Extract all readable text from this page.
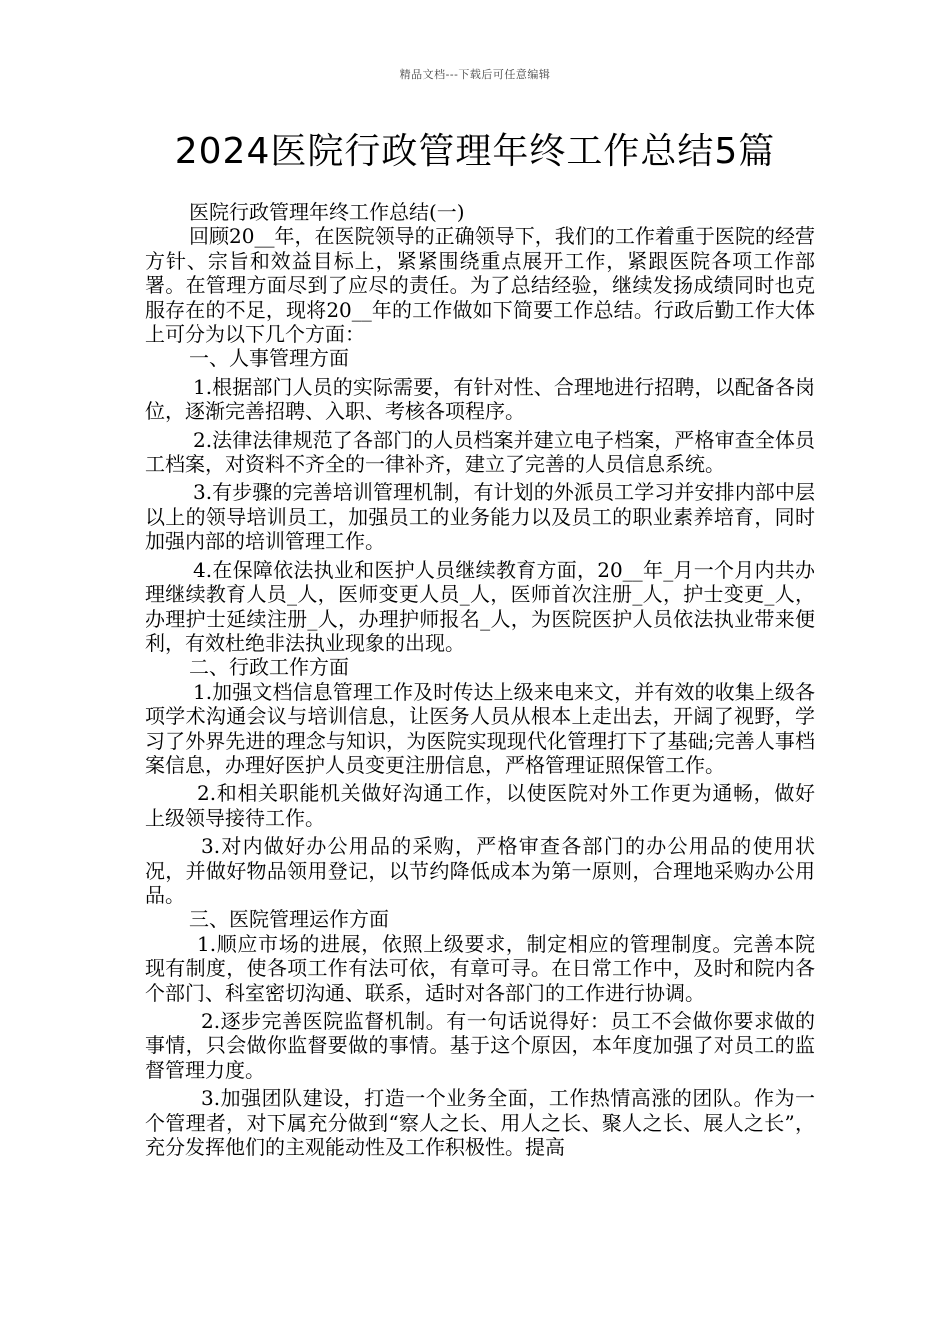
精品文档---下载后可任意编辑
2024医院行政管理年终工作总结5篇

医院行政管理年终工作总结(一)

回顾20__年，在医院领导的正确领导下，我们的工作着重于医院的经营方针、宗旨和效益目标上，紧紧围绕重点展开工作，紧跟医院各项工作部署。在管理方面尽到了应尽的责任。为了总结经验，继续发扬成绩同时也克服存在的不足，现将20__年的工作做如下简要工作总结。行政后勤工作大体上可分为以下几个方面：

一、人事管理方面

1.根据部门人员的实际需要，有针对性、合理地进行招聘，以配备各岗位，逐渐完善招聘、入职、考核各项程序。

2.法律法律规范了各部门的人员档案并建立电子档案，严格审查全体员工档案，对资料不齐全的一律补齐，建立了完善的人员信息系统。

3.有步骤的完善培训管理机制，有计划的外派员工学习并安排内部中层以上的领导培训员工，加强员工的业务能力以及员工的职业素养培育，同时加强内部的培训管理工作。

4.在保障依法执业和医护人员继续教育方面，20__年_月一个月内共办理继续教育人员_人，医师变更人员_人，医师首次注册_人，护士变更_人，办理护士延续注册_人，办理护师报名_人，为医院医护人员依法执业带来便利，有效杜绝非法执业现象的出现。

二、行政工作方面

1.加强文档信息管理工作及时传达上级来电来文，并有效的收集上级各项学术沟通会议与培训信息，让医务人员从根本上走出去，开阔了视野，学习了外界先进的理念与知识，为医院实现现代化管理打下了基础;完善人事档案信息，办理好医护人员变更注册信息，严格管理证照保管工作。

2.和相关职能机关做好沟通工作，以使医院对外工作更为通畅，做好上级领导接待工作。

3.对内做好办公用品的采购，严格审查各部门的办公用品的使用状况，并做好物品领用登记，以节约降低成本为第一原则，合理地采购办公用品。

三、医院管理运作方面

1.顺应市场的进展，依照上级要求，制定相应的管理制度。完善本院现有制度，使各项工作有法可依，有章可寻。在日常工作中，及时和院内各个部门、科室密切沟通、联系，适时对各部门的工作进行协调。

2.逐步完善医院监督机制。有一句话说得好：员工不会做你要求做的事情，只会做你监督要做的事情。基于这个原因，本年度加强了对员工的监督管理力度。

3.加强团队建设，打造一个业务全面，工作热情高涨的团队。作为一个管理者，对下属充分做到“察人之长、用人之长、聚人之长、展人之长”，充分发挥他们的主观能动性及工作积极性。提高
